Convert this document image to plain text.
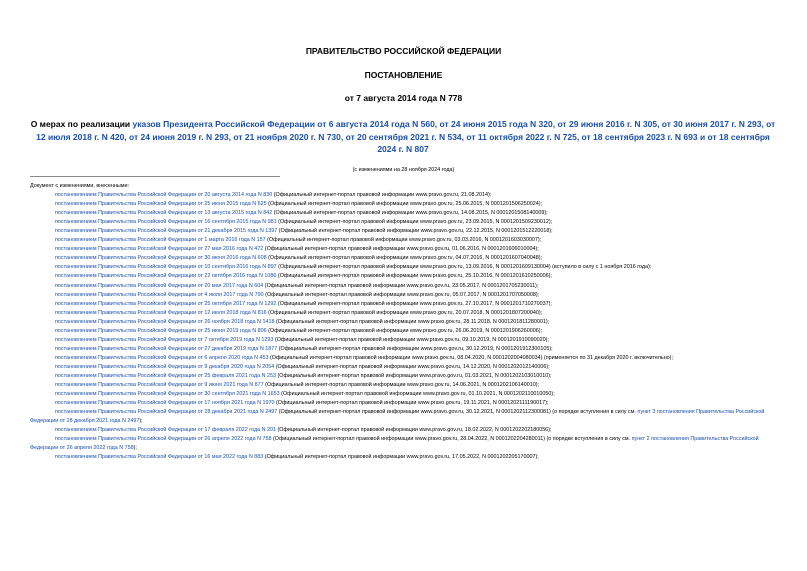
ПРАВИТЕЛЬСТВО РОССИЙСКОЙ ФЕДЕРАЦИИ
ПОСТАНОВЛЕНИЕ
от 7 августа 2014 года N 778
О мерах по реализации указов Президента Российской Федерации от 6 августа 2014 года N 560, от 24 июня 2015 года N 320, от 29 июня 2016 г. N 305, от 30 июня 2017 г. N 293, от 12 июля 2018 г. N 420, от 24 июня 2019 г. N 293, от 21 ноября 2020 г. N 730, от 20 сентября 2021 г. N 534, от 11 октября 2022 г. N 725, от 18 сентября 2023 г. N 693 и от 18 сентября 2024 г. N 807
(с изменениями на 28 ноября 2024 года)

Документ с изменениями, внесенными:

постановлением Правительства Российской Федерации от 20 августа 2014 года N 830 (Официальный интернет-портал правовой информации www.pravo.gov.ru, 21.08.2014);

постановлением Правительства Российской Федерации от 25 июня 2015 года N 625 (Официальный интернет-портал правовой информации www.pravo.gov.ru, 25.06.2015, N 0001201506250024);

постановлением Правительства Российской Федерации от 13 августа 2015 года N 842 (Официальный интернет-портал правовой информации www.pravo.gov.ru, 14.08.2015, N 0001201508140009);

постановлением Правительства Российской Федерации от 16 сентября 2015 года N 981 (Официальный интернет-портал правовой информации www.pravo.gov.ru, 23.09.2015, N 0001201509230012);

постановлением Правительства Российской Федерации от 21 декабря 2015 года N 1397 (Официальный интернет-портал правовой информации www.pravo.gov.ru, 22.12.2015, N 0001201512220018);

постановлением Правительства Российской Федерации от 1 марта 2016 года N 157 (Официальный интернет-портал правовой информации www.pravo.gov.ru, 03.03.2016, N 0001201603030007);

постановлением Правительства Российской Федерации от 27 мая 2016 года N 472 (Официальный интернет-портал правовой информации www.pravo.gov.ru, 01.06.2016, N 0001201606010004);

постановлением Правительства Российской Федерации от 30 июня 2016 года N 608 (Официальный интернет-портал правовой информации www.pravo.gov.ru, 04.07.2016, N 0001201607040048);

постановлением Правительства Российской Федерации от 10 сентября 2016 года N 897 (Официальный интернет-портал правовой информации www.pravo.gov.ru, 13.09.2016, N 0001201609130004) (вступило в силу с 1 ноября 2016 года);

постановлением Правительства Российской Федерации от 22 октября 2016 года N 1086 (Официальный интернет-портал правовой информации www.pravo.gov.ru, 25.10.2016, N 0001201610250006);

постановлением Правительства Российской Федерации от 20 мая 2017 года N 604 (Официальный интернет-портал правовой информации www.pravo.gov.ru, 23.05.2017, N 0001201705230011);

постановлением Правительства Российской Федерации от 4 июля 2017 года N 790 (Официальный интернет-портал правовой информации www.pravo.gov.ru, 05.07.2017, N 0001201707050008);

постановлением Правительства Российской Федерации от 25 октября 2017 года N 1292 (Официальный интернет-портал правовой информации www.pravo.gov.ru, 27.10.2017, N 0001201710270037);

постановлением Правительства Российской Федерации от 12 июля 2018 года N 816 (Официальный интернет-портал правовой информации www.pravo.gov.ru, 20.07.2018, N 0001201807200040);

постановлением Правительства Российской Федерации от 26 ноября 2018 года N 1418 (Официальный интернет-портал правовой информации www.pravo.gov.ru, 28.11.2018, N 0001201811280001);

постановлением Правительства Российской Федерации от 25 июня 2019 года N 806 (Официальный интернет-портал правовой информации www.pravo.gov.ru, 26.06.2019, N 0001201906260006);

постановлением Правительства Российской Федерации от 7 октября 2019 года N 1293 (Официальный интернет-портал правовой информации www.pravo.gov.ru, 09.10.2019, N 0001201910090020);

постановлением Правительства Российской Федерации от 27 декабря 2019 года N 1877 (Официальный интернет-портал правовой информации www.pravo.gov.ru, 30.12.2019, N 0001201912300105);

постановлением Правительства Российской Федерации от 6 апреля 2020 года N 453 (Официальный интернет-портал правовой информации www.pravo.gov.ru, 08.04.2020, N 0001202004080034) (применяется по 31 декабря 2020 г. включительно);

постановлением Правительства Российской Федерации от 9 декабря 2020 года N 2054 (Официальный интернет-портал правовой информации www.pravo.gov.ru, 14.12.2020, N 0001202012140006);

постановлением Правительства Российской Федерации от 25 февраля 2021 года N 253 (Официальный интернет-портал правовой информации www.pravo.gov.ru, 01.03.2021, N 0001202103010010);

постановлением Правительства Российской Федерации от 9 июня 2021 года N 877 (Официальный интернет-портал правовой информации www.pravo.gov.ru, 14.06.2021, N 0001202106140010);

постановлением Правительства Российской Федерации от 30 сентября 2021 года N 1653 (Официальный интернет-портал правовой информации www.pravo.gov.ru, 01.10.2021, N 0001202110010050);

постановлением Правительства Российской Федерации от 17 ноября 2021 года N 1970 (Официальный интернет-портал правовой информации www.pravo.gov.ru, 19.11.2021, N 0001202111190017);

постановлением Правительства Российской Федерации от 28 декабря 2021 года N 2497 (Официальный интернет-портал правовой информации www.pravo.gov.ru, 30.12.2021, N 0001202112300081) (о порядке вступления в силу см. пункт 3 постановления Правительства Российской Федерации от 28 декабря 2021 года N 2497);

постановлением Правительства Российской Федерации от 17 февраля 2022 года N 201 (Официальный интернет-портал правовой информации www.pravo.gov.ru, 18.02.2022, N 0001202202180056);

постановлением Правительства Российской Федерации от 26 апреля 2022 года N 758 (Официальный интернет-портал правовой информации www.pravo.gov.ru, 28.04.2022, N 0001202204280011) (о порядке вступления в силу см. пункт 2 постановления Правительства Российской Федерации от 26 апреля 2022 года N 758);

постановлением Правительства Российской Федерации от 16 мая 2022 года N 883 (Официальный интернет-портал правовой информации www.pravo.gov.ru, 17.05.2022, N 0001202205170007);
